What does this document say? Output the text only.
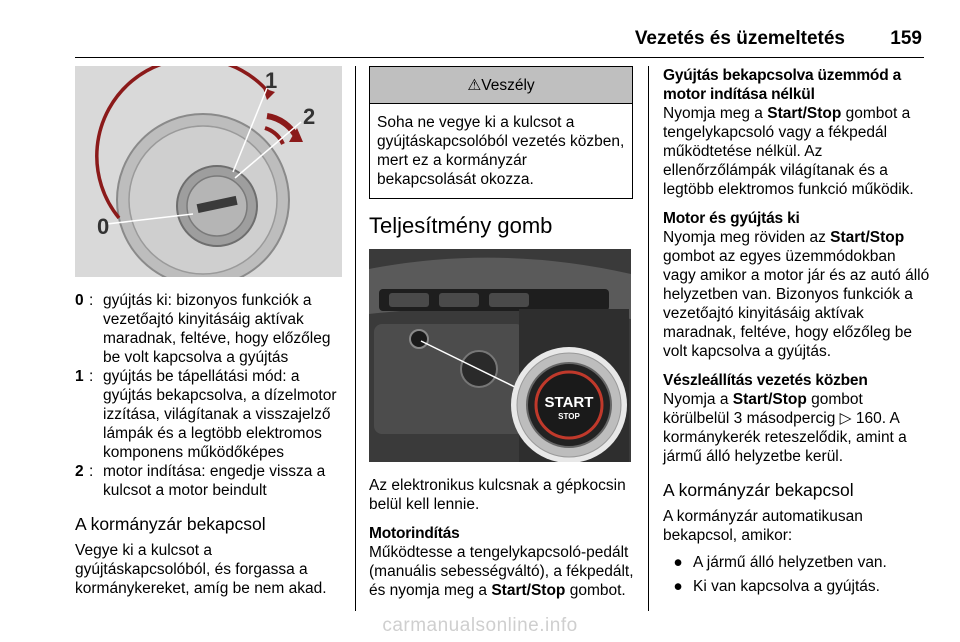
Vezetés és üzemeltetés 159
1
2
0
0 : gyújtás ki: bizonyos funkciók a vezetőajtó kinyitásáig aktívak maradnak, feltéve, hogy előzőleg be volt kapcsolva a gyújtás
1 : gyújtás be tápellátási mód: a gyújtás bekapcsolva, a dízelmotor izzítása, világítanak a visszajelző lámpák és a legtöbb elektromos komponens működőképes
2 : motor indítása: engedje vissza a kulcsot a motor beindult
A kormányzár bekapcsol

Vegye ki a kulcsot a gyújtáskapcsolóból, és forgassa a kormánykereket, amíg be nem akad.

⚠Veszély
Soha ne vegye ki a kulcsot a gyújtáskapcsolóból vezetés közben, mert ez a kormányzár bekapcsolását okozza.
Teljesítmény gomb
START
STOP

Az elektronikus kulcsnak a gépkocsin belül kell lennie.

Motorindítás

Működtesse a tengelykapcsoló-pedált (manuális sebességváltó), a fékpedált, és nyomja meg a Start/Stop gombot.

Gyújtás bekapcsolva üzemmód a motor indítása nélkül

Nyomja meg a Start/Stop gombot a tengelykapcsoló vagy a fékpedál működtetése nélkül. Az ellenőrzőlámpák világítanak és a legtöbb elektromos funkció működik.

Motor és gyújtás ki

Nyomja meg röviden az Start/Stop gombot az egyes üzemmódokban vagy amikor a motor jár és az autó álló helyzetben van. Bizonyos funkciók a vezetőajtó kinyitásáig aktívak maradnak, feltéve, hogy előzőleg be volt kapcsolva a gyújtás.

Vészleállítás vezetés közben

Nyomja a Start/Stop gombot körülbelül 3 másodpercig ▷ 160. A kormánykerék reteszelődik, amint a jármű álló helyzetbe kerül.

A kormányzár bekapcsol

A kormányzár automatikusan bekapcsol, amikor:

● A jármű álló helyzetben van.
● Ki van kapcsolva a gyújtás.
carmanualsonline.info
